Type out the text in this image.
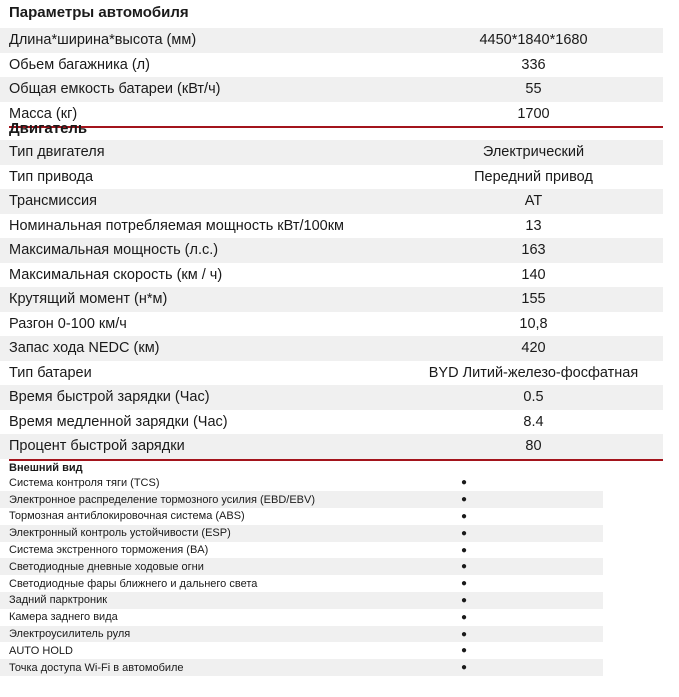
Параметры автомобиля
Длина*ширина*высота (мм)	4450*1840*1680
Обьем багажника (л)	336
Общая емкость батареи (кВт/ч)	55
Масса (кг)	1700
Двигатель
Тип двигателя	Электрический
Тип привода	Передний привод
Трансмиссия	AT
Номинальная потребляемая мощность кВт/100км	13
Максимальная мощность (л.с.)	163
Максимальная скорость (км / ч)	140
Крутящий момент (н*м)	155
Разгон 0-100 км/ч	10,8
Запас хода NEDC (км)	420
Тип батареи	BYD Литий-железо-фосфатная
Время быстрой зарядки (Час)	0.5
Время медленной зарядки (Час)	8.4
Процент быстрой зарядки	80
Внешний вид
Система контроля тяги (TCS)	●
Электронное распределение тормозного усилия (EBD/EBV)	●
Тормозная антиблокировочная система (ABS)	●
Электронный контроль устойчивости (ESP)	●
Система экстренного торможения (BA)	●
Светодиодные дневные ходовые огни	●
Светодиодные фары ближнего и дальнего света	●
Задний парктроник	●
Камера заднего вида	●
Электроусилитель руля	●
AUTO HOLD	●
Точка доступа Wi-Fi в автомобиле	●
